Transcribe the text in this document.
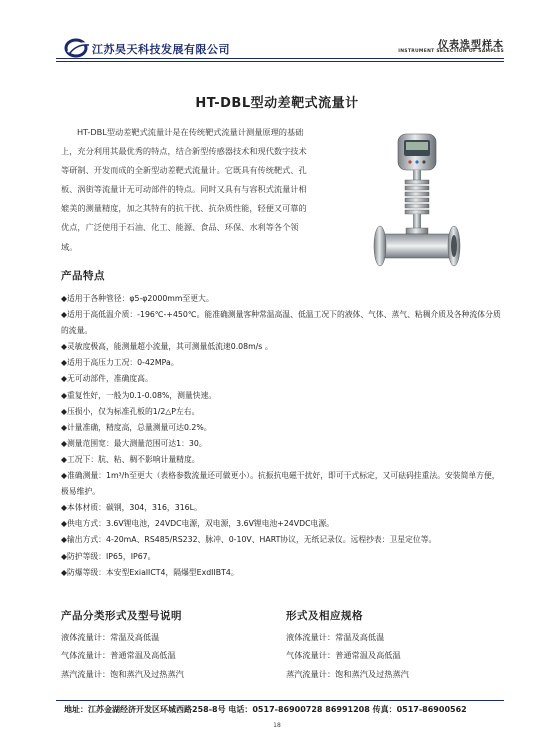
江苏昊天科技发展有限公司	仪表选型样本
INSTRUMENT SELECTION OF SAMPLES
HT-DBL型动差靶式流量计
HT-DBL型动差靶式流量计是在传统靶式流量计测量原理的基础上，充分利用其最优秀的特点，结合新型传感器技术和现代数字技术等研制、开发而成的全新型动差靶式流量计。它既具有传统靶式、孔板、涡街等流量计无可动部件的特点。同时又具有与容积式流量计相媲美的测量精度，加之其特有的抗干扰、抗杂质性能，轻便又可靠的优点，广泛使用于石油、化工、能源、食品、环保、水利等各个领域。
产品特点
◆适用于各种管径：φ5-φ2000mm至更大。
◆适用于高低温介质：-196℃-+450℃。能准确测量客种常温高温、低温工况下的液体、气体、蒸气、粘稠介质及各种流体分质的流量。
◆灵敏度极高，能测量超小流量，其可测量低流速0.08m/s 。
◆适用于高压力工况：0-42MPa。
◆无可动部件，准确度高。
◆重复性好，一般为0.1-0.08%，测量快速。
◆压损小，仅为标准孔板的1/2△P左右。
◆计量准确，精度高，总量测量可达0.2%。
◆测量范围宽：最大测量范围可达1：30。
◆工况下：肮、粘、稠不影响计量精度。
◆准确测量：1m³/h至更大（表格参数流量还可做更小）。抗振抗电磁干扰好，即可干式标定，又可砝码挂重法。安装简单方便，极易维护。
◆本体材质：碳钢，304，316，316L。
◆供电方式：3.6V锂电池，24VDC电源，双电源，3.6V锂电池+24VDC电源。
◆输出方式：4-20mA、RS485/RS232、脉冲、0-10V、HART协议，无纸记录仪。远程抄表：卫星定位等。
◆防护等级：IP65，IP67。
◆防爆等级：本安型ExialICT4，隔爆型ExdIIBT4。
产品分类形式及型号说明	形式及相应规格
液体流量计：常温及高低温
气体流量计：普通常温及高低温
蒸汽流量计：饱和蒸汽及过热蒸汽
液体流量计：常温及高低温
气体流量计：普通常温及高低温
蒸汽流量计：饱和蒸汽及过热蒸汽
地址：江苏金湖经济开发区环城西路258-8号 电话：0517-86900728 86991208 传真：0517-86900562
18
